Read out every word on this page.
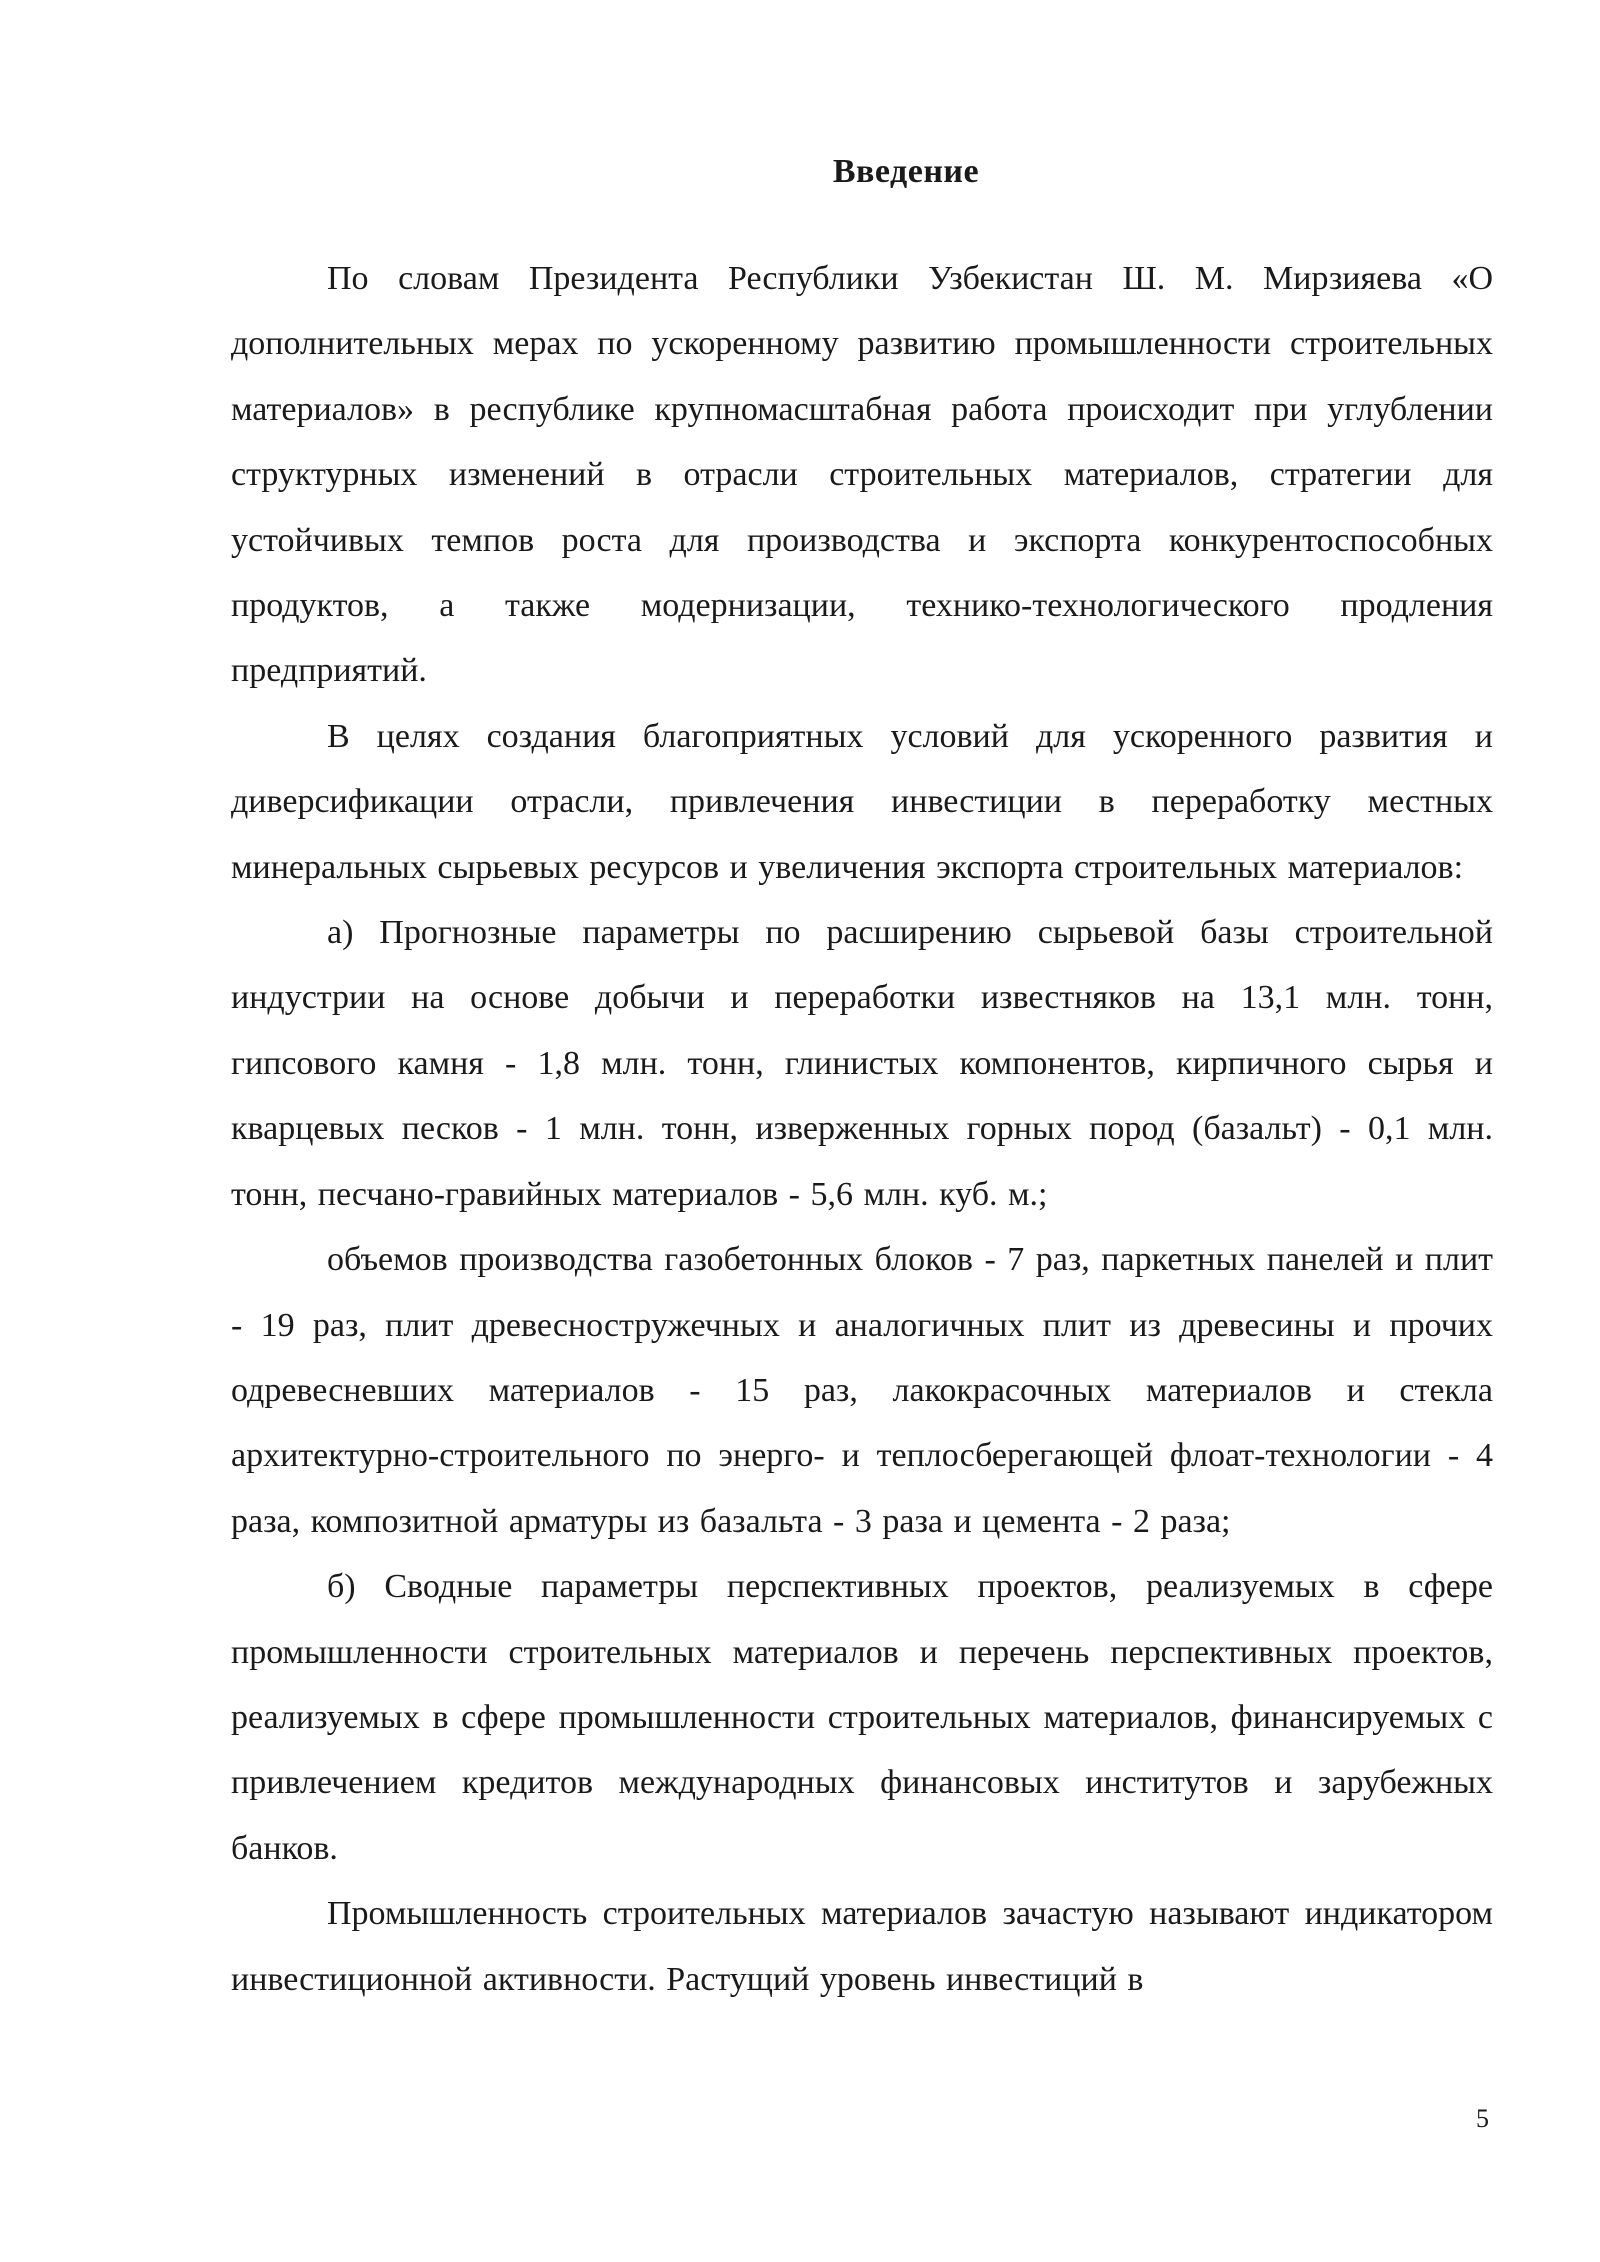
Введение

По словам Президента Республики Узбекистан Ш. М. Мирзияева «О дополнительных мерах по ускоренному развитию промышленности строительных материалов» в республике крупномасштабная работа происходит при углублении структурных изменений в отрасли строительных материалов, стратегии для устойчивых темпов роста для производства и экспорта конкурентоспособных продуктов, а также модернизации, технико-технологического продления предприятий.

В целях создания благоприятных условий для ускоренного развития и диверсификации отрасли, привлечения инвестиции в переработку местных минеральных сырьевых ресурсов и увеличения экспорта строительных материалов:

а) Прогнозные параметры по расширению сырьевой базы строительной индустрии на основе добычи и переработки известняков на 13,1 млн. тонн, гипсового камня - 1,8 млн. тонн, глинистых компонентов, кирпичного сырья и кварцевых песков - 1 млн. тонн, изверженных горных пород (базальт) - 0,1 млн. тонн, песчано-гравийных материалов - 5,6 млн. куб. м.;

объемов производства газобетонных блоков - 7 раз, паркетных панелей и плит - 19 раз, плит древесностружечных и аналогичных плит из древесины и прочих одревесневших материалов - 15 раз, лакокрасочных материалов и стекла архитектурно-строительного по энерго- и теплосберегающей флоат-технологии - 4 раза, композитной арматуры из базальта - 3 раза и цемента - 2 раза;

б) Сводные параметры перспективных проектов, реализуемых в сфере промышленности строительных материалов и перечень перспективных проектов, реализуемых в сфере промышленности строительных материалов, финансируемых с привлечением кредитов международных финансовых институтов и зарубежных банков.

Промышленность строительных материалов зачастую называют индикатором инвестиционной активности. Растущий уровень инвестиций в

5
